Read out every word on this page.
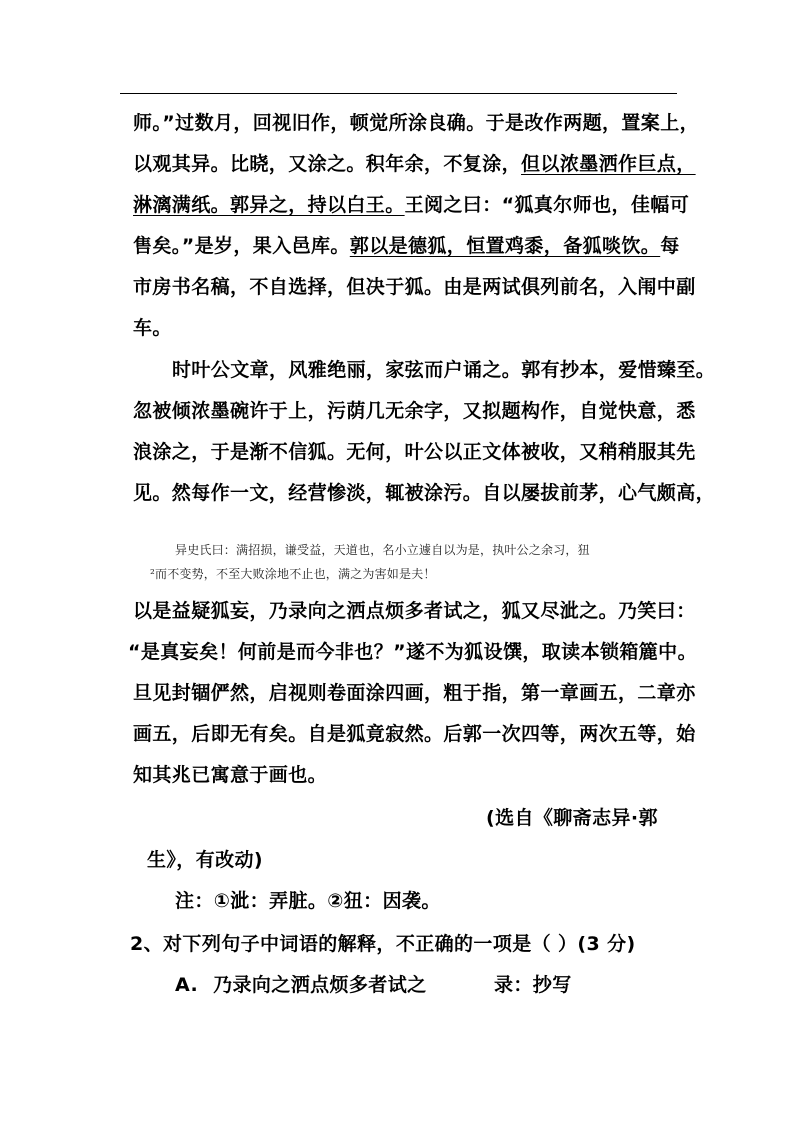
师。”过数月，回视旧作，顿觉所涂良确。于是改作两题，置案上，
以观其异。比晓，又涂之。积年余，不复涂，但以浓墨洒作巨点，
淋漓满纸。郭异之，持以白王。王阅之曰：“狐真尔师也，佳幅可
售矣。”是岁，果入邑库。郭以是德狐，恒置鸡黍，备狐啖饮。每
市房书名稿，不自选择，但决于狐。由是两试俱列前名，入闱中副
车。
时叶公文章，风雅绝丽，家弦而户诵之。郭有抄本，爱惜臻至。
忽被倾浓墨碗许于上，污荫几无余字，又拟题构作，自觉快意，悉
浪涂之，于是渐不信狐。无何，叶公以正文体被收，又稍稍服其先
见。然每作一文，经营惨淡，辄被涂污。自以屡拔前茅，心气颇高，
异史氏曰：满招损，谦受益，天道也，名小立遽自以为是，执叶公之余习，狃
²而不变势，不至大败涂地不止也，满之为害如是夫！
以是益疑狐妄，乃录向之洒点烦多者试之，狐又尽泚之。乃笑曰：
“是真妄矣！何前是而今非也？”遂不为狐设馔，取读本锁箱簏中。
旦见封锢俨然，启视则卷面涂四画，粗于指，第一章画五，二章亦
画五，后即无有矣。自是狐竟寂然。后郭一次四等，两次五等，始
知其兆已寓意于画也。
(选自《聊斋志异·郭
生》，有改动)
注：①泚：弄脏。②狃：因袭。
2、对下列句子中词语的解释，不正确的一项是（ ）(3 分)
A. 乃录向之洒点烦多者试之	录：抄写
